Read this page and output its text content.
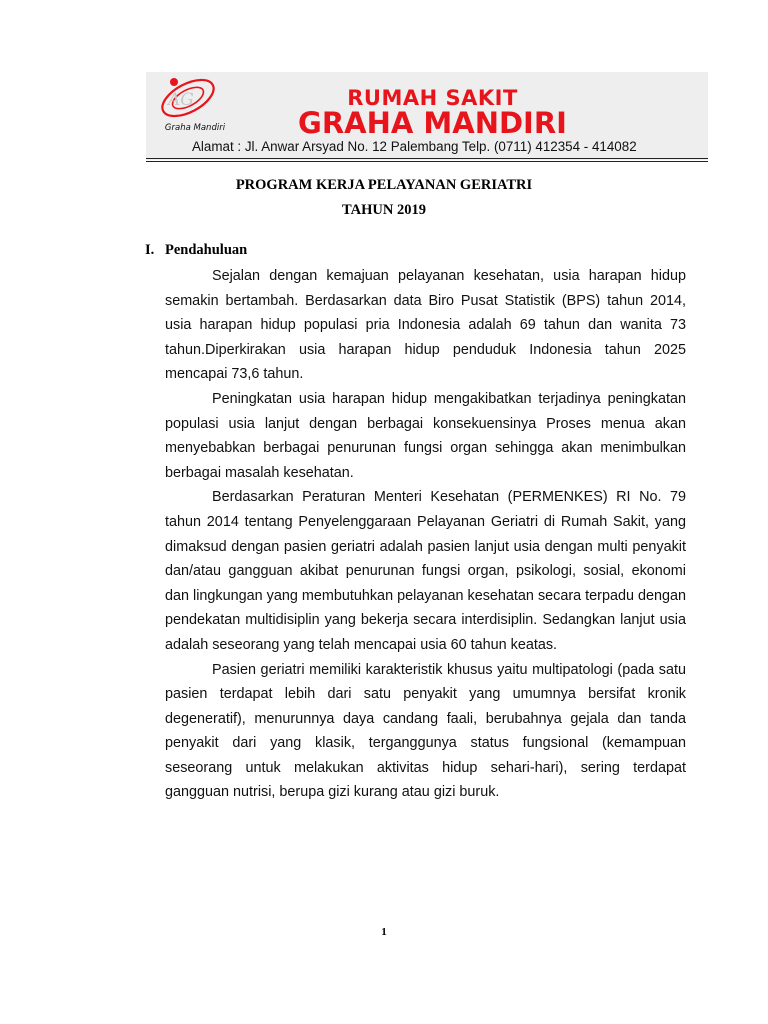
AG
Graha Mandiri
RUMAH SAKIT
GRAHA MANDIRI
Alamat : Jl. Anwar Arsyad No. 12 Palembang Telp. (0711) 412354 - 414082
PROGRAM KERJA PELAYANAN GERIATRI
TAHUN 2019
I. Pendahuluan

Sejalan dengan kemajuan pelayanan kesehatan, usia harapan hidup semakin bertambah. Berdasarkan data Biro Pusat Statistik (BPS) tahun 2014, usia harapan hidup populasi pria Indonesia adalah 69 tahun dan wanita 73 tahun.Diperkirakan usia harapan hidup penduduk Indonesia tahun 2025 mencapai 73,6 tahun.

Peningkatan usia harapan hidup mengakibatkan terjadinya peningkatan populasi usia lanjut dengan berbagai konsekuensinya Proses menua akan menyebabkan berbagai penurunan fungsi organ sehingga akan menimbulkan berbagai masalah kesehatan.

Berdasarkan Peraturan Menteri Kesehatan (PERMENKES) RI No. 79 tahun 2014 tentang Penyelenggaraan Pelayanan Geriatri di Rumah Sakit, yang dimaksud dengan pasien geriatri adalah pasien lanjut usia dengan multi penyakit dan/atau gangguan akibat penurunan fungsi organ, psikologi, sosial, ekonomi dan lingkungan yang membutuhkan pelayanan kesehatan secara terpadu dengan pendekatan multidisiplin yang bekerja secara interdisiplin. Sedangkan lanjut usia adalah seseorang yang telah mencapai usia 60 tahun keatas.

Pasien geriatri memiliki karakteristik khusus yaitu multipatologi (pada satu pasien terdapat lebih dari satu penyakit yang umumnya bersifat kronik degeneratif), menurunnya daya candang faali, berubahnya gejala dan tanda penyakit dari yang klasik, terganggunya status fungsional (kemampuan seseorang untuk melakukan aktivitas hidup sehari-hari), sering terdapat gangguan nutrisi, berupa gizi kurang atau gizi buruk.

1
